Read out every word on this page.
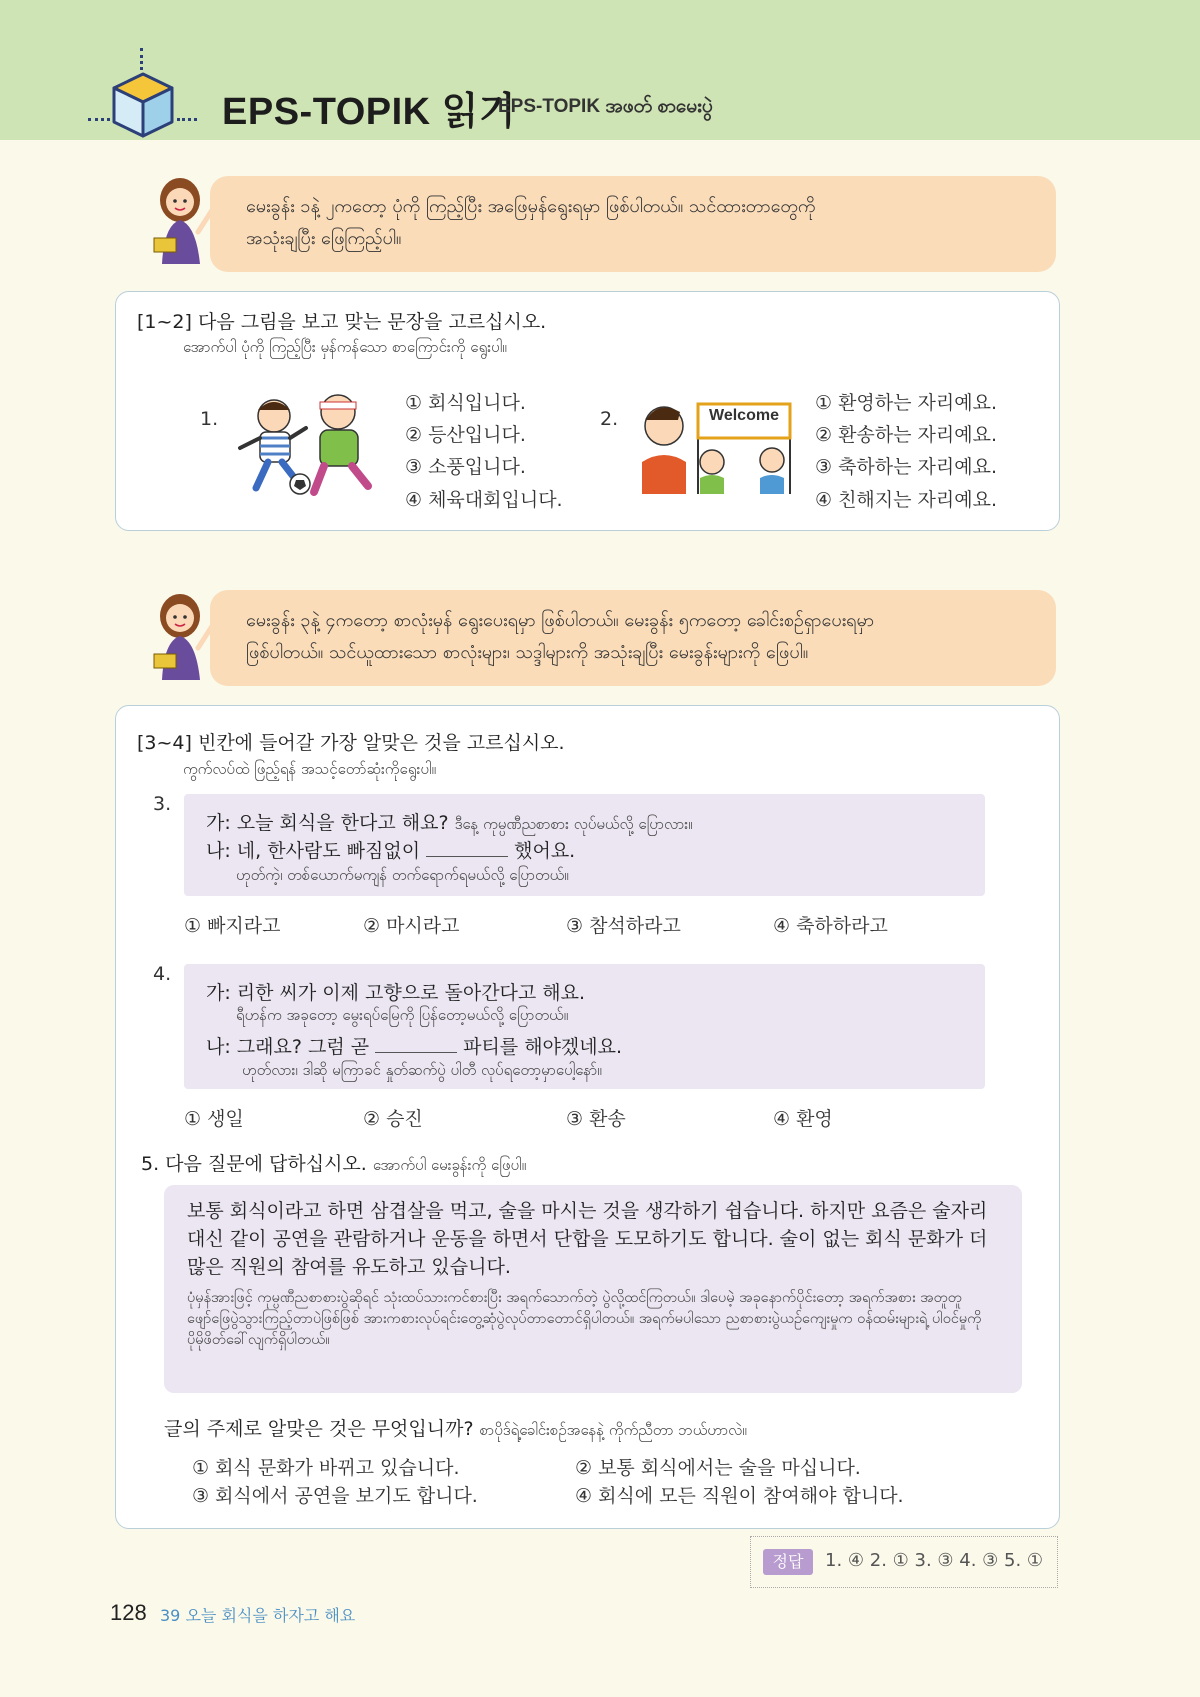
EPS-TOPIK 읽기
EPS-TOPIK အဖတ် စာမေးပွဲ
မေးခွန်း ၁နဲ့ ၂ကတော့ ပုံကို ကြည့်ပြီး အဖြေမှန်ရွေးရမှာ ဖြစ်ပါတယ်။ သင်ထားတာတွေကို
အသုံးချပြီး ဖြေကြည့်ပါ။
[1~2] 다음 그림을 보고 맞는 문장을 고르십시오.
အောက်ပါ ပုံကို ကြည့်ပြီး မှန်ကန်သော စာကြောင်းကို ရွေးပါ။
1.
① 회식입니다.
② 등산입니다.
③ 소풍입니다.
④ 체육대회입니다.
2.	Welcome
① 환영하는 자리예요.
② 환송하는 자리예요.
③ 축하하는 자리예요.
④ 친해지는 자리예요.
မေးခွန်း ၃နဲ့ ၄ကတော့ စာလုံးမှန် ရွေးပေးရမှာ ဖြစ်ပါတယ်။ မေးခွန်း ၅ကတော့ ခေါင်းစဉ်ရှာပေးရမှာ
ဖြစ်ပါတယ်။ သင်ယူထားသော စာလုံးများ၊ သဒ္ဒါများကို အသုံးချပြီး မေးခွန်းများကို ဖြေပါ။
[3~4] 빈칸에 들어갈 가장 알맞은 것을 고르십시오.
ကွက်လပ်ထဲ ဖြည့်ရန် အသင့်တော်ဆုံးကိုရွေးပါ။
3.
가: 오늘 회식을 한다고 해요? ဒီနေ့ ကုမ္ပဏီညစာစား လုပ်မယ်လို့ ပြောလား။
나: 네, 한사람도 빠짐없이	했어요.
ဟုတ်ကဲ့၊ တစ်ယောက်မကျန် တက်ရောက်ရမယ်လို့ ပြောတယ်။
① 빠지라고	② 마시라고	③ 참석하라고	④ 축하하라고
4.
가: 리한 씨가 이제 고향으로 돌아간다고 해요.
ရီဟန်က အခုတော့ မွေးရပ်မြေကို ပြန်တော့မယ်လို့ ပြောတယ်။
나: 그래요? 그럼 곧	파티를 해야겠네요.
ဟုတ်လား၊ ဒါဆို မကြာခင် နှုတ်ဆက်ပွဲ ပါတီ လုပ်ရတော့မှာပေါ့နော်။
① 생일	② 승진	③ 환송	④ 환영
5. 다음 질문에 답하십시오. အောက်ပါ မေးခွန်းကို ဖြေပါ။
보통 회식이라고 하면 삼겹살을 먹고, 술을 마시는 것을 생각하기 쉽습니다. 하지만 요즘은 술자리 대신 같이 공연을 관람하거나 운동을 하면서 단합을 도모하기도 합니다. 술이 없는 회식 문화가 더 많은 직원의 참여를 유도하고 있습니다.
ပုံမှန်အားဖြင့် ကုမ္ပဏီညစာစားပွဲဆိုရင် သုံးထပ်သားကင်စားပြီး အရက်သောက်တဲ့ ပွဲလို့ထင်ကြတယ်။ ဒါပေမဲ့ အခုနောက်ပိုင်းတော့ အရက်အစား အတူတူ ဖျော်ဖြေပွဲသွားကြည့်တာပဲဖြစ်ဖြစ် အားကစားလုပ်ရင်းတွေ့ဆုံပွဲလုပ်တာတောင်ရှိပါတယ်။ အရက်မပါသော ညစာစားပွဲယဉ်ကျေးမှုက ဝန်ထမ်းများရဲ့ ပါဝင်မှုကို ပိုမိုဖိတ်ခေါ်လျက်ရှိပါတယ်။
글의 주제로 알맞은 것은 무엇입니까? စာပိုဒ်ရဲ့ခေါင်းစဉ်အနေနဲ့ ကိုက်ညီတာ ဘယ်ဟာလဲ။
① 회식 문화가 바뀌고 있습니다.	② 보통 회식에서는 술을 마십니다.
③ 회식에서 공연을 보기도 합니다.	④ 회식에 모든 직원이 참여해야 합니다.
정답	1. ④ 2. ① 3. ③ 4. ③ 5. ①
128 39 오늘 회식을 하자고 해요
